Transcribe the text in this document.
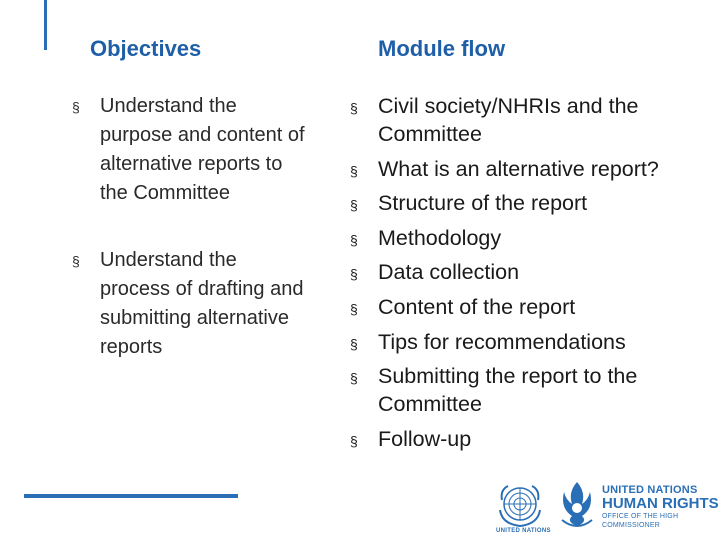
Objectives	Module flow
§ Understand the purpose and content of alternative reports to the Committee
§ Understand the process of drafting and submitting alternative reports
§ Civil society/NHRIs and the Committee
§ What is an alternative report?
§ Structure of the report
§ Methodology
§ Data collection
§ Content of the report
§ Tips for recommendations
§ Submitting the report to the Committee
§ Follow-up
UNITED NATIONS
UNITED NATIONS
HUMAN RIGHTS
OFFICE OF THE HIGH COMMISSIONER
